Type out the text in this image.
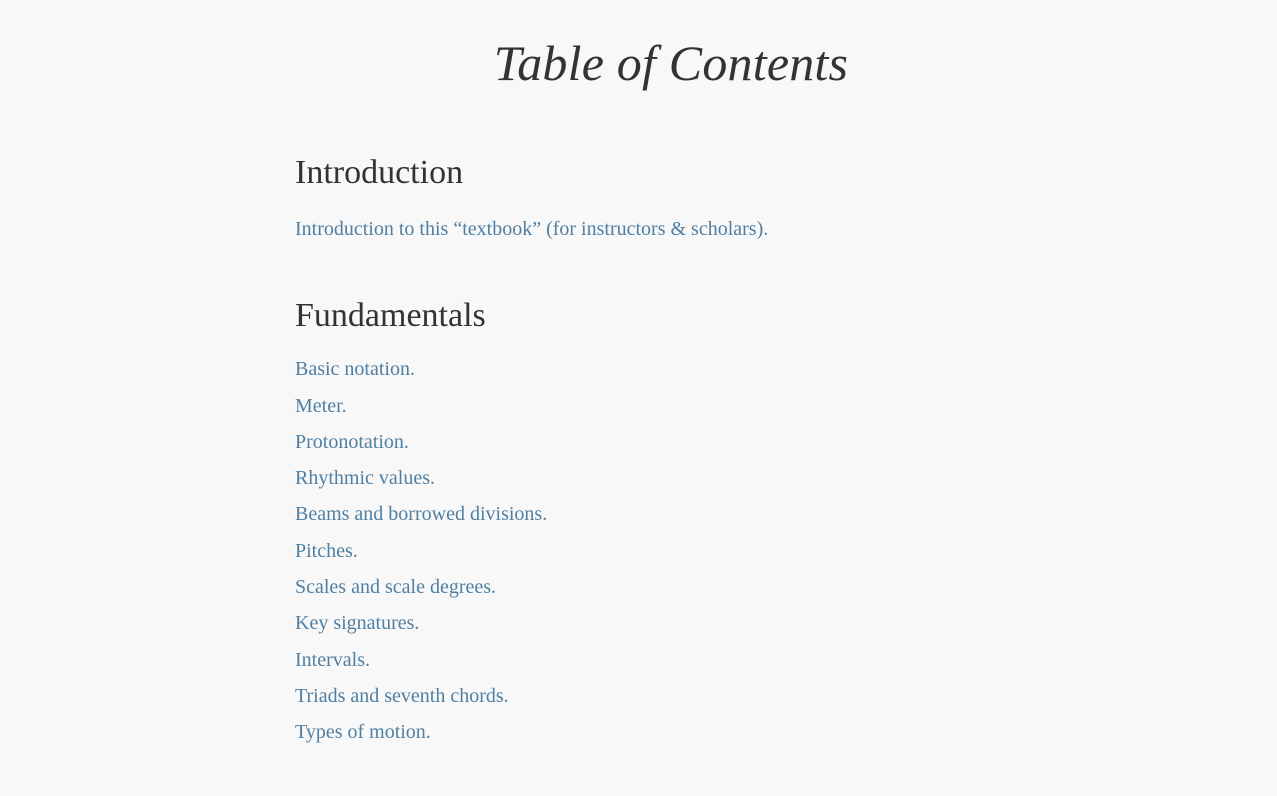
Table of Contents
Introduction
Introduction to this “textbook” (for instructors & scholars).
Fundamentals
Basic notation.
Meter.
Protonotation.
Rhythmic values.
Beams and borrowed divisions.
Pitches.
Scales and scale degrees.
Key signatures.
Intervals.
Triads and seventh chords.
Types of motion.
